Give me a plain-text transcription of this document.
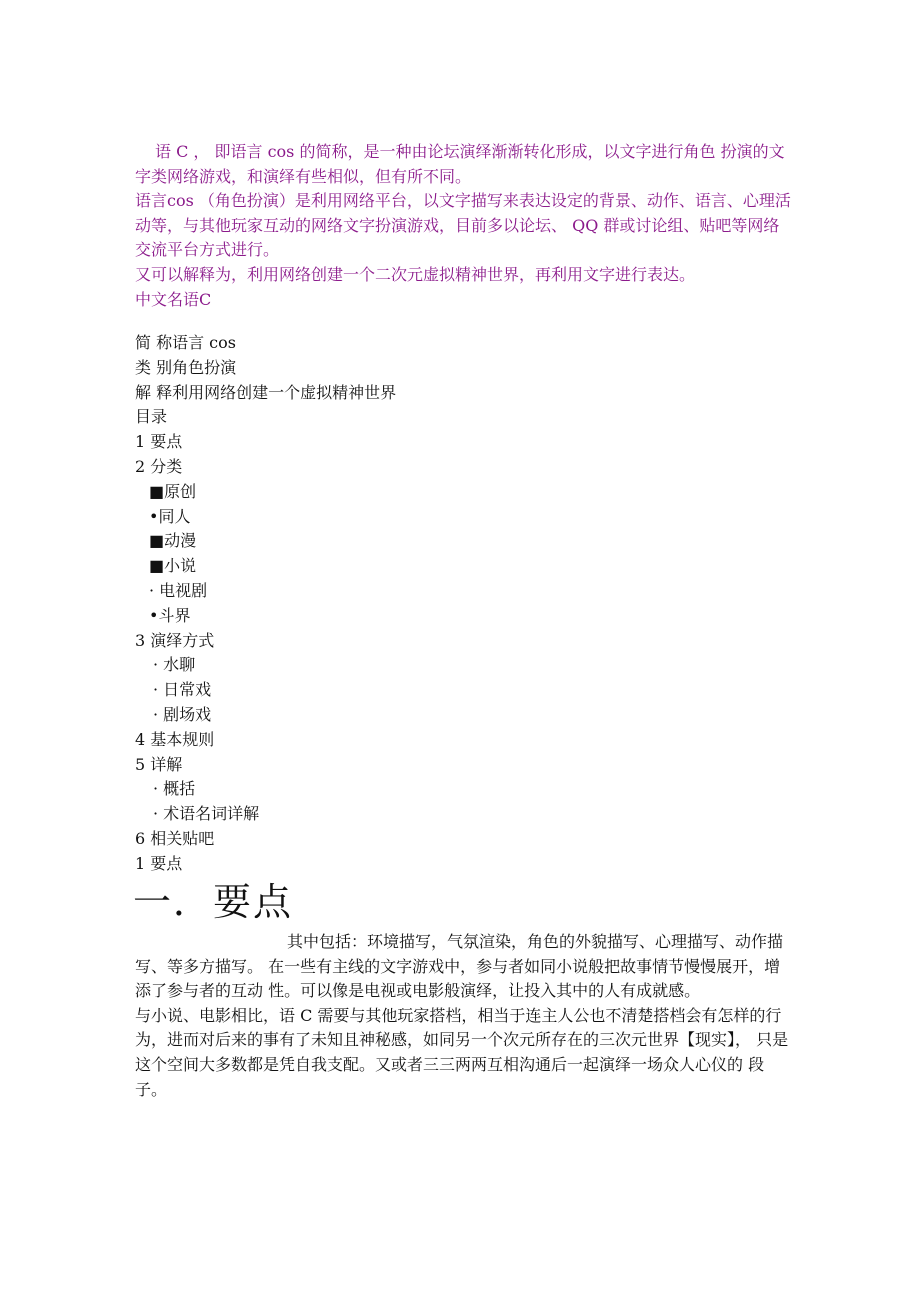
语 C ， 即语言 cos 的简称，是一种由论坛演绎渐渐转化形成，以文字进行角色 扮演的文字类网络游戏，和演绎有些相似，但有所不同。

语言cos （角色扮演）是利用网络平台，以文字描写来表达设定的背景、动作、语言、心理活动等，与其他玩家互动的网络文字扮演游戏，目前多以论坛、 QQ 群或讨论组、贴吧等网络交流平台方式进行。

又可以解释为，利用网络创建一个二次元虚拟精神世界，再利用文字进行表达。

中文名语C

简 称语言 cos
类 别角色扮演
解 释利用网络创建一个虚拟精神世界
目录
1 要点
2 分类
■原创
•同人
■动漫
■小说
· 电视剧
•斗界
3 演绎方式
· 水聊
· 日常戏
· 剧场戏
4 基本规则
5 详解
· 概括
· 术语名词详解
6 相关贴吧
1 要点
一．要点

其中包括：环境描写，气氛渲染，角色的外貌描写、心理描写、动作描写、等多方描写。 在一些有主线的文字游戏中，参与者如同小说般把故事情节慢慢展开，增添了参与者的互动 性。可以像是电视或电影般演绎，让投入其中的人有成就感。

与小说、电影相比，语 C 需要与其他玩家搭档，相当于连主人公也不清楚搭档会有怎样的行为，进而对后来的事有了未知且神秘感，如同另一个次元所存在的三次元世界【现实】， 只是这个空间大多数都是凭自我支配。又或者三三两两互相沟通后一起演绎一场众人心仪的 段子。
